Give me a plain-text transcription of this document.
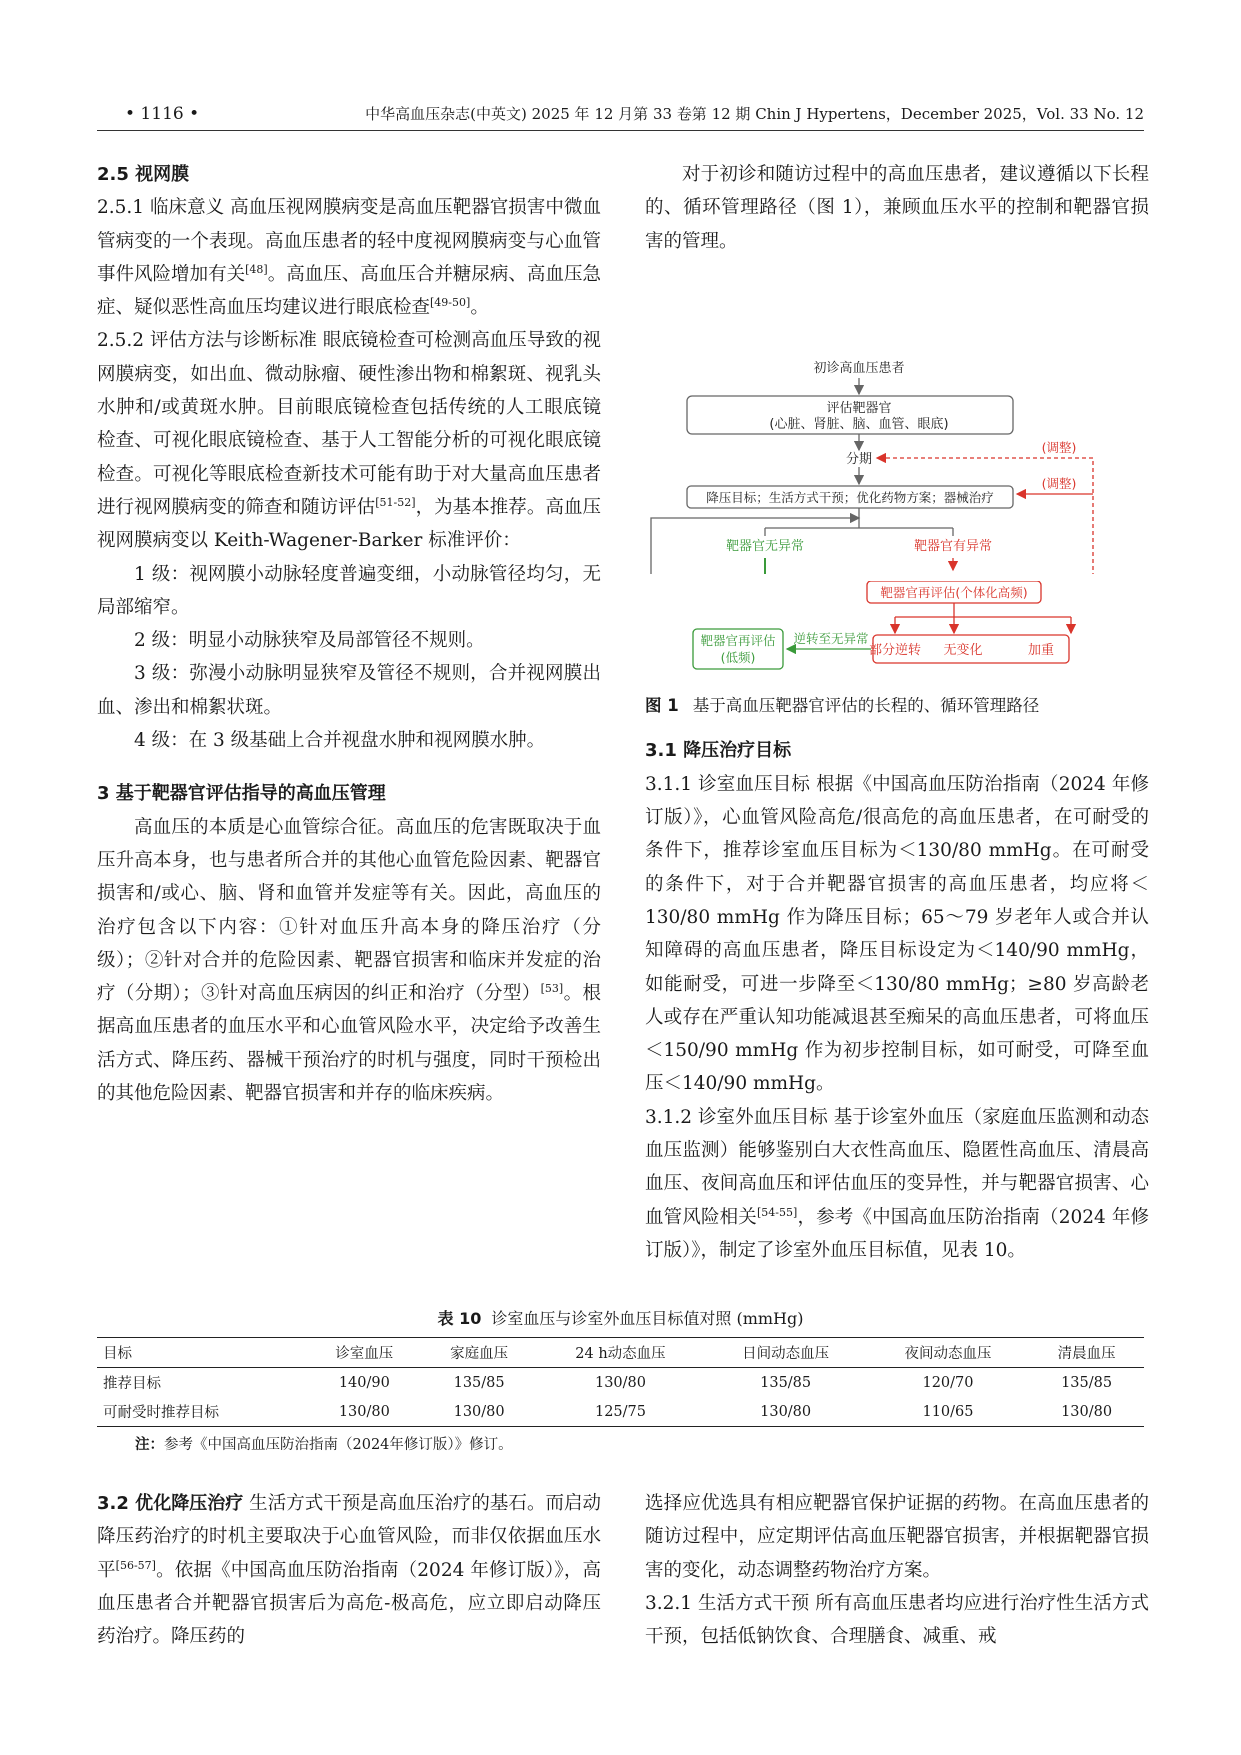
• 1116 •	中华高血压杂志(中英文) 2025 年 12 月第 33 卷第 12 期 Chin J Hypertens，December 2025，Vol. 33 No. 12

2.5 视网膜

2.5.1 临床意义 高血压视网膜病变是高血压靶器官损害中微血管病变的一个表现。高血压患者的轻中度视网膜病变与心血管事件风险增加有关[48]。高血压、高血压合并糖尿病、高血压急症、疑似恶性高血压均建议进行眼底检查[49-50]。

2.5.2 评估方法与诊断标准 眼底镜检查可检测高血压导致的视网膜病变，如出血、微动脉瘤、硬性渗出物和棉絮斑、视乳头水肿和/或黄斑水肿。目前眼底镜检查包括传统的人工眼底镜检查、可视化眼底镜检查、基于人工智能分析的可视化眼底镜检查。可视化等眼底检查新技术可能有助于对大量高血压患者进行视网膜病变的筛查和随访评估[51-52]，为基本推荐。高血压视网膜病变以 Keith-Wagener-Barker 标准评价：

1 级：视网膜小动脉轻度普遍变细，小动脉管径均匀，无局部缩窄。

2 级：明显小动脉狭窄及局部管径不规则。

3 级：弥漫小动脉明显狭窄及管径不规则，合并视网膜出血、渗出和棉絮状斑。

4 级：在 3 级基础上合并视盘水肿和视网膜水肿。

3 基于靶器官评估指导的高血压管理

高血压的本质是心血管综合征。高血压的危害既取决于血压升高本身，也与患者所合并的其他心血管危险因素、靶器官损害和/或心、脑、肾和血管并发症等有关。因此，高血压的治疗包含以下内容：①针对血压升高本身的降压治疗（分级）；②针对合并的危险因素、靶器官损害和临床并发症的治疗（分期）；③针对高血压病因的纠正和治疗（分型）[53]。根据高血压患者的血压水平和心血管风险水平，决定给予改善生活方式、降压药、器械干预治疗的时机与强度，同时干预检出的其他危险因素、靶器官损害和并存的临床疾病。

对于初诊和随访过程中的高血压患者，建议遵循以下长程的、循环管理路径（图 1），兼顾血压水平的控制和靶器官损害的管理。

初诊高血压患者
评估靶器官
(心脏、肾脏、脑、血管、眼底)
分期
降压目标；生活方式干预；优化药物方案；器械治疗
(调整)
(调整)
靶器官无异常	靶器官有异常
靶器官再评估(个体化高频)
部分逆转 无变化	加重
靶器官再评估
(低频)
逆转至无异常

图 1 基于高血压靶器官评估的长程的、循环管理路径

3.1 降压治疗目标

3.1.1 诊室血压目标 根据《中国高血压防治指南（2024 年修订版）》，心血管风险高危/很高危的高血压患者，在可耐受的条件下，推荐诊室血压目标为＜130/80 mmHg。在可耐受的条件下，对于合并靶器官损害的高血压患者，均应将＜130/80 mmHg 作为降压目标；65～79 岁老年人或合并认知障碍的高血压患者，降压目标设定为＜140/90 mmHg，如能耐受，可进一步降至＜130/80 mmHg；≥80 岁高龄老人或存在严重认知功能减退甚至痴呆的高血压患者，可将血压＜150/90 mmHg 作为初步控制目标，如可耐受，可降至血压＜140/90 mmHg。

3.1.2 诊室外血压目标 基于诊室外血压（家庭血压监测和动态血压监测）能够鉴别白大衣性高血压、隐匿性高血压、清晨高血压、夜间高血压和评估血压的变异性，并与靶器官损害、心血管风险相关[54-55]，参考《中国高血压防治指南（2024 年修订版）》，制定了诊室外血压目标值，见表 10。

表 10 诊室血压与诊室外血压目标值对照 (mmHg)
目标	诊室血压	家庭血压	24 h动态血压	日间动态血压	夜间动态血压	清晨血压
推荐目标	140/90	135/85	130/80	135/85	120/70	135/85
可耐受时推荐目标	130/80	130/80	125/75	130/80	110/65	130/80
注：参考《中国高血压防治指南（2024年修订版）》修订。

3.2 优化降压治疗 生活方式干预是高血压治疗的基石。而启动降压药治疗的时机主要取决于心血管风险，而非仅依据血压水平[56-57]。依据《中国高血压防治指南（2024 年修订版）》，高血压患者合并靶器官损害后为高危-极高危，应立即启动降压药治疗。降压药的

选择应优选具有相应靶器官保护证据的药物。在高血压患者的随访过程中，应定期评估高血压靶器官损害，并根据靶器官损害的变化，动态调整药物治疗方案。

3.2.1 生活方式干预 所有高血压患者均应进行治疗性生活方式干预，包括低钠饮食、合理膳食、减重、戒
